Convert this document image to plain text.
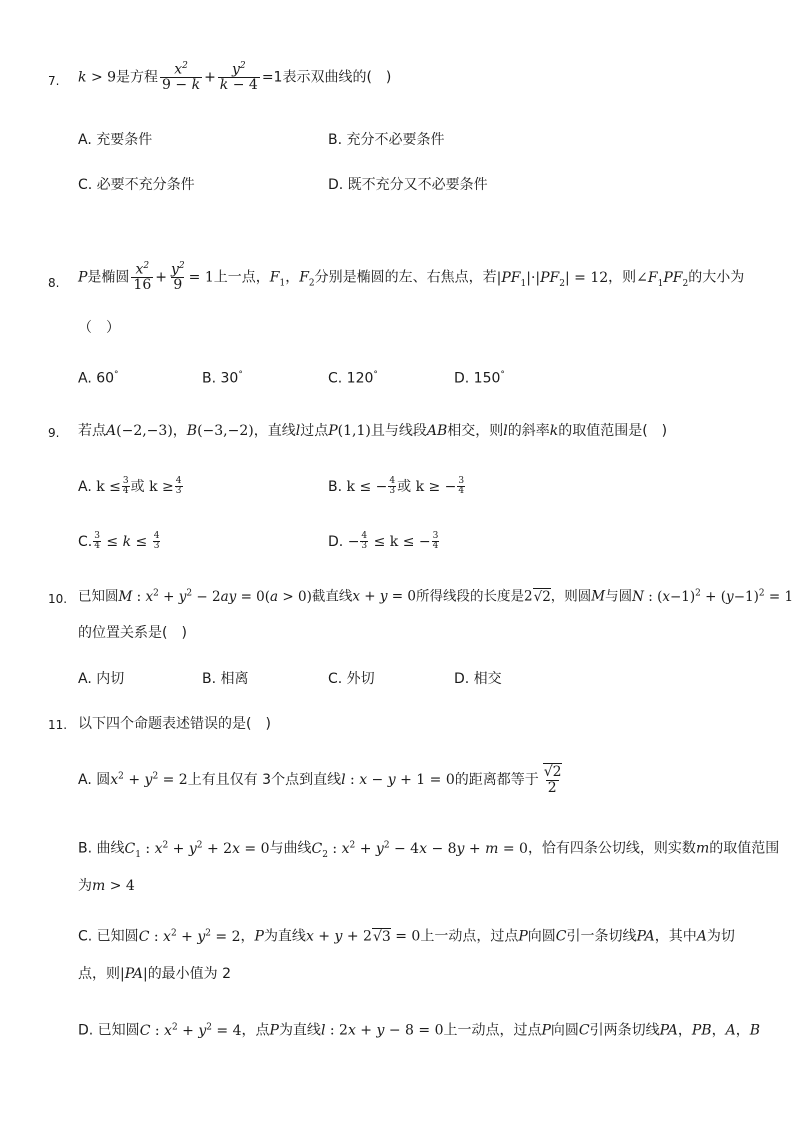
7. k > 9是方程 $\frac{x^2}{9 - k} + \frac{y^2}{k - 4} =1$表示双曲线的(　)
A. 充要条件	B. 充分不必要条件
C. 必要不充分条件	D. 既不充分又不必要条件
8. P是椭圆 $\frac{x^2}{16} + \frac{y^2}{9} = 1$上一点，$F_1$，$F_2$分别是椭圆的左、右焦点，若$|PF_1|\cdot|PF_2| = 12$，则$\angle F_1PF_2$的大小为
（　）
A. 60°	B. 30°	C. 120°	D. 150°
9. 若点A(−2,−3)，B(−3,−2)，直线l过点P(1,1)且与线段AB相交，则l的斜率k的取值范围是(　)
A. $k \le \frac{3}{4}$ 或 $k \ge \frac{4}{3}$	B. k ≤ − $\frac{4}{3}$ 或 k ≥ − $\frac{3}{4}$
C. $\frac{3}{4} \le k \le \frac{4}{3}$	D. − $\frac{4}{3} \le k$ ≤ − $\frac{3}{4}$
10. 已知圆M : $x^2 + y^2 - 2ay = 0(a > 0)$截直线x + y = 0所得线段的长度是2√2，则圆M与圆N : $(x-1)^2 + (y-1)^2 = 1$
的位置关系是(　)
A. 内切	B. 相离	C. 外切	D. 相交
11. 以下四个命题表述错误的是(　)
A. 圆$x^2 + y^2 = 2$上有且仅有 3个点到直线l : x − y + 1 = 0的距离都等于 $\frac{√2}{2}$
B. 曲线$C_1$ : $x^2 + y^2 + 2x = 0$与曲线$C_2$ : $x^2 + y^2 - 4x - 8y + m = 0$，恰有四条公切线，则实数m的取值范围
为m > 4
C. 已知圆C : $x^2 + y^2 = 2$，P为直线x + y + 2√3 = 0上一动点，过点P向圆C引一条切线PA，其中A为切
点，则|PA|的最小值为 2
D. 已知圆C : $x^2 + y^2 = 4$，点P为直线l : 2x + y − 8 = 0上一动点，过点P向圆C引两条切线PA，PB，A，B
